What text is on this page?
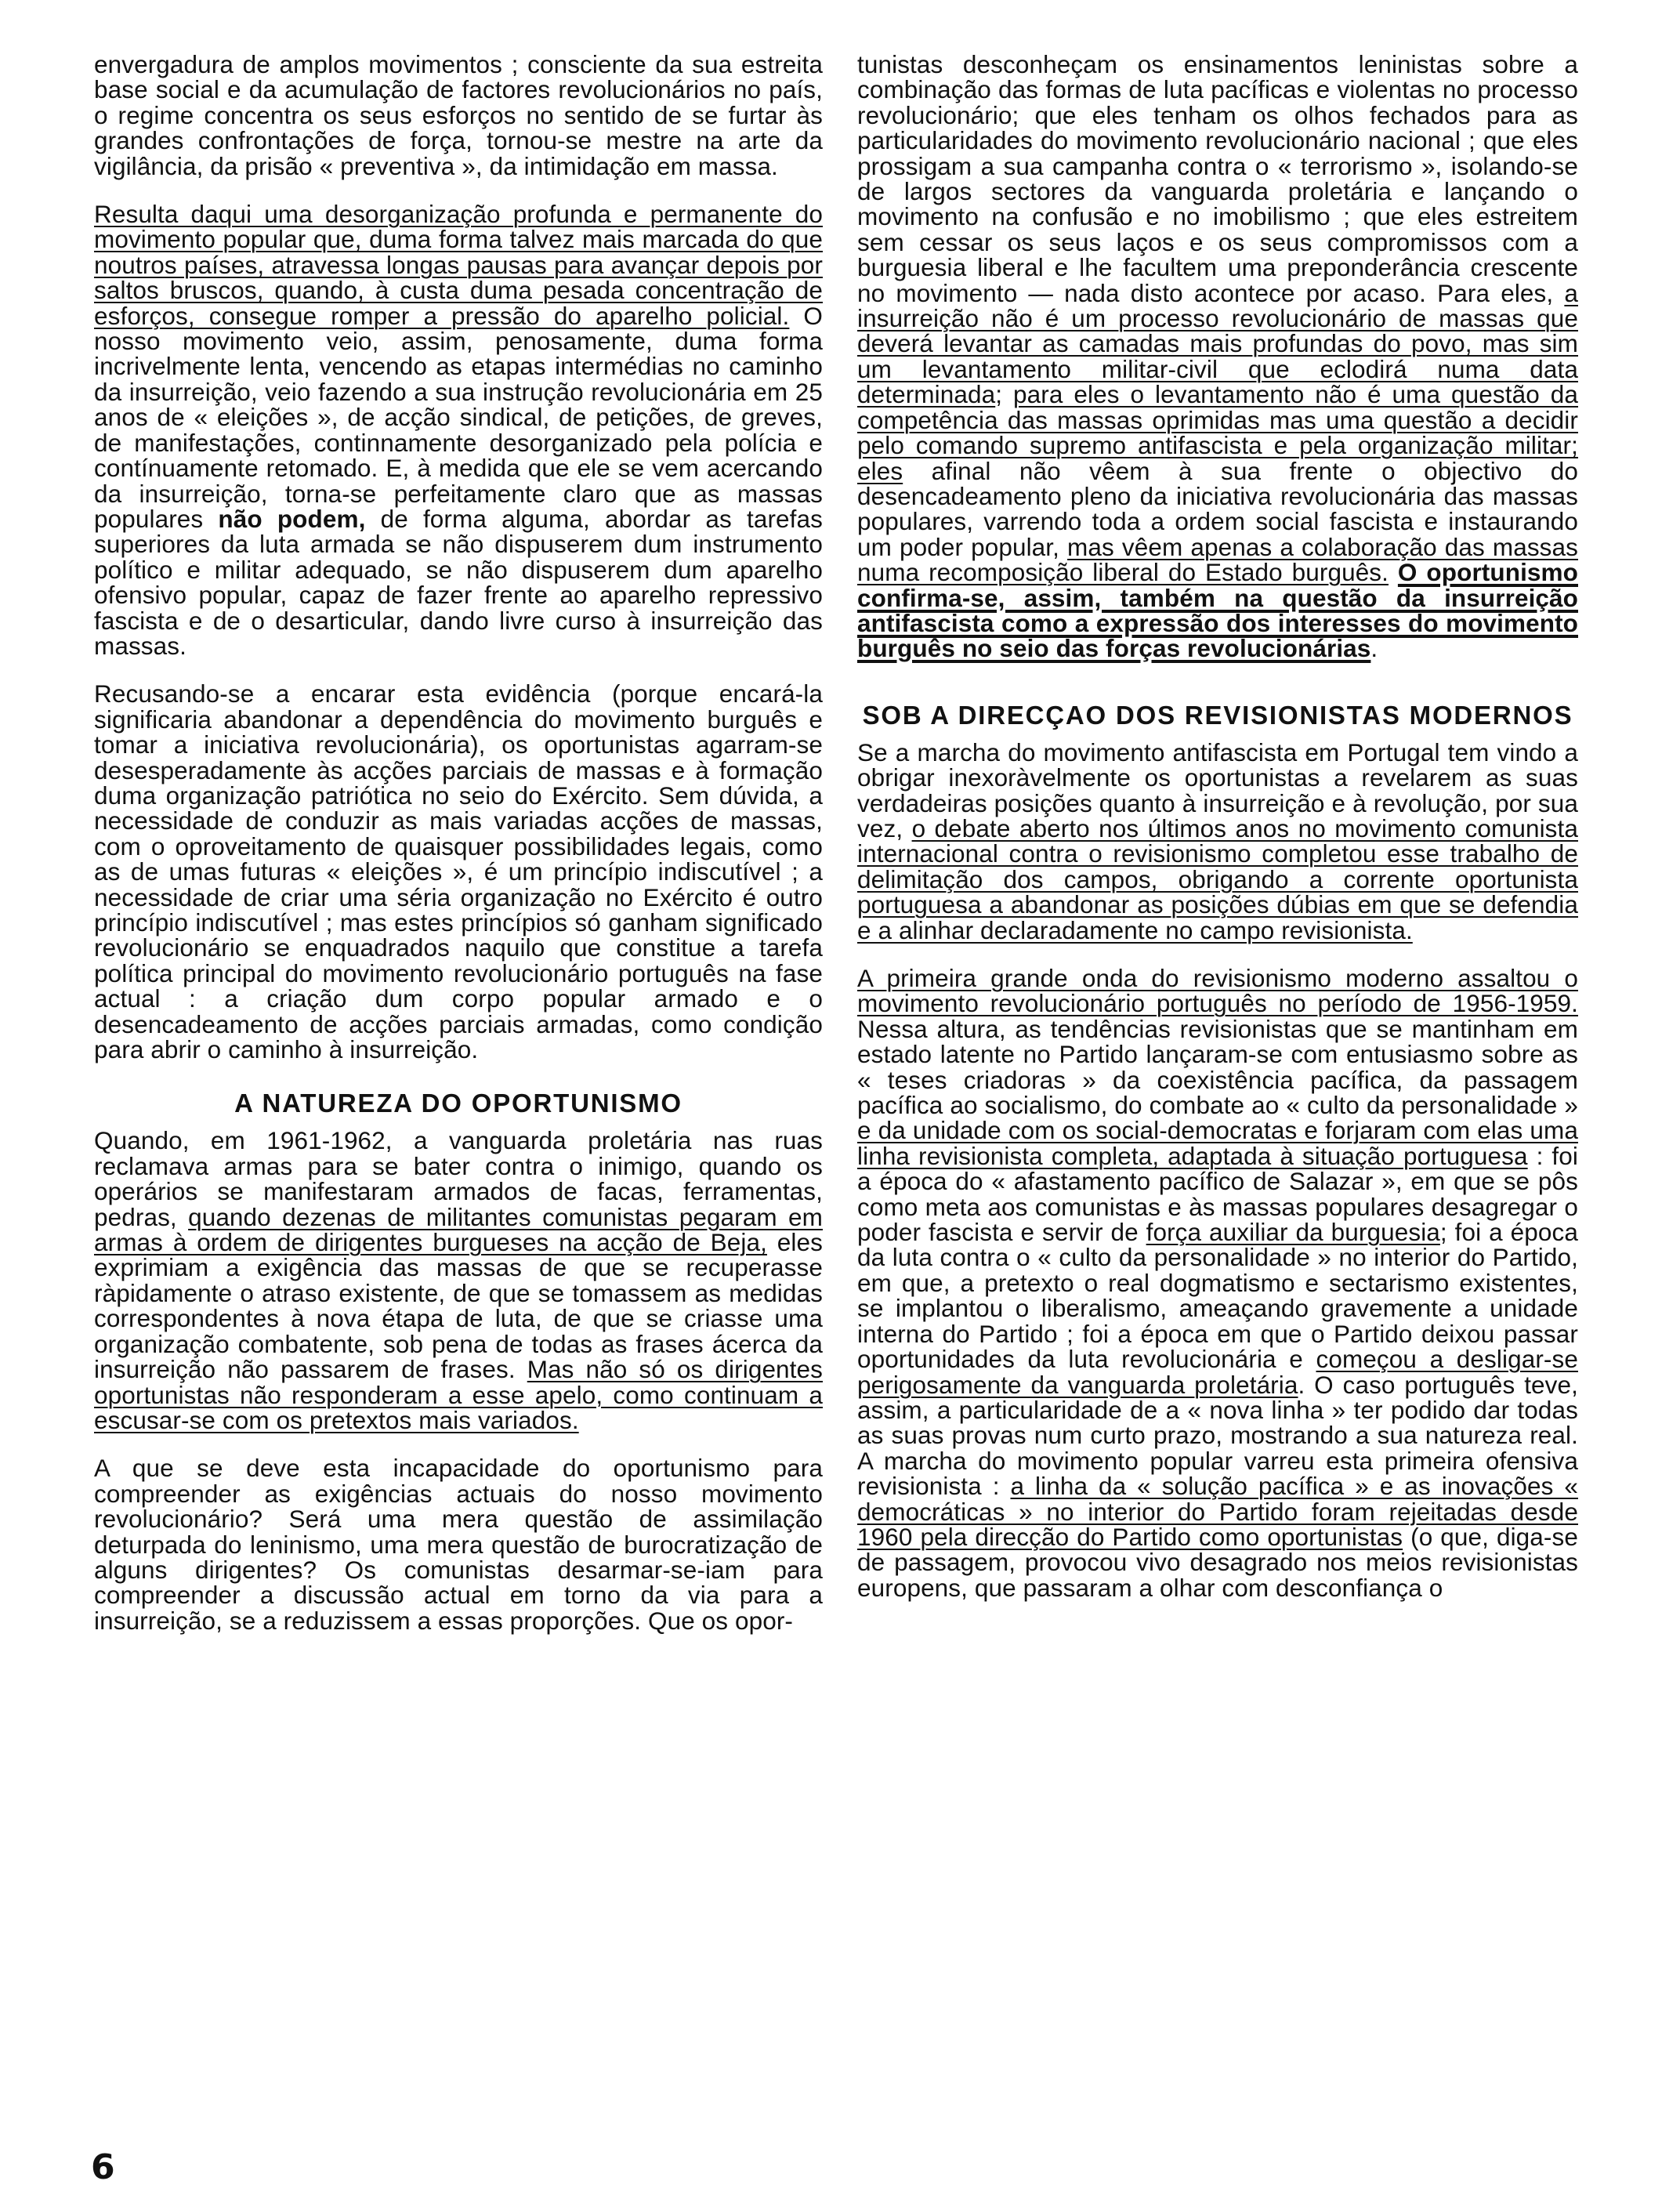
envergadura de amplos movimentos ; consciente da sua estreita base social e da acumulação de factores revolucionários no país, o regime concentra os seus esforços no sentido de se furtar às grandes confrontações de força, tornou-se mestre na arte da vigilância, da prisão « preventiva », da intimidação em massa.

Resulta daqui uma desorganização profunda e permanente do movimento popular que, duma forma talvez mais marcada do que noutros países, atravessa longas pausas para avançar depois por saltos bruscos, quando, à custa duma pesada concentração de esforços, consegue romper a pressão do aparelho policial. O nosso movimento veio, assim, penosamente, duma forma incrivelmente lenta, vencendo as etapas intermédias no caminho da insurreição, veio fazendo a sua instrução revolucionária em 25 anos de « eleições », de acção sindical, de petições, de greves, de manifestações, continnamente desorganizado pela polícia e contínuamente retomado. E, à medida que ele se vem acercando da insurreição, torna-se perfeitamente claro que as massas populares não podem, de forma alguma, abordar as tarefas superiores da luta armada se não dispuserem dum instrumento político e militar adequado, se não dispuserem dum aparelho ofensivo popular, capaz de fazer frente ao aparelho repressivo fascista e de o desarticular, dando livre curso à insurreição das massas.

Recusando-se a encarar esta evidência (porque encará-la significaria abandonar a dependência do movimento burguês e tomar a iniciativa revolucionária), os oportunistas agarram-se desesperadamente às acções parciais de massas e à formação duma organização patriótica no seio do Exército. Sem dúvida, a necessidade de conduzir as mais variadas acções de massas, com o oproveitamento de quaisquer possibilidades legais, como as de umas futuras « eleições », é um princípio indiscutível ; a necessidade de criar uma séria organização no Exército é outro princípio indiscutível ; mas estes princípios só ganham significado revolucionário se enquadrados naquilo que constitue a tarefa política principal do movimento revolucionário português na fase actual : a criação dum corpo popular armado e o desencadeamento de acções parciais armadas, como condição para abrir o caminho à insurreição.

A NATUREZA DO OPORTUNISMO

Quando, em 1961-1962, a vanguarda proletária nas ruas reclamava armas para se bater contra o inimigo, quando os operários se manifestaram armados de facas, ferramentas, pedras, quando dezenas de militantes comunistas pegaram em armas à ordem de dirigentes burgueses na acção de Beja, eles exprimiam a exigência das massas de que se recuperasse ràpidamente o atraso existente, de que se tomassem as medidas correspondentes à nova étapa de luta, de que se criasse uma organização combatente, sob pena de todas as frases ácerca da insurreição não passarem de frases. Mas não só os dirigentes oportunistas não responderam a esse apelo, como continuam a escusar-se com os pretextos mais variados.

A que se deve esta incapacidade do oportunismo para compreender as exigências actuais do nosso movimento revolucionário? Será uma mera questão de assimilação deturpada do leninismo, uma mera questão de burocratização de alguns dirigentes? Os comunistas desarmar-se-iam para compreender a discussão actual em torno da via para a insurreição, se a reduzissem a essas proporções. Que os opor-

tunistas desconheçam os ensinamentos leninistas sobre a combinação das formas de luta pacíficas e violentas no processo revolucionário; que eles tenham os olhos fechados para as particularidades do movimento revolucionário nacional ; que eles prossigam a sua campanha contra o « terrorismo », isolando-se de largos sectores da vanguarda proletária e lançando o movimento na confusão e no imobilismo ; que eles estreitem sem cessar os seus laços e os seus compromissos com a burguesia liberal e lhe facultem uma preponderância crescente no movimento — nada disto acontece por acaso. Para eles, a insurreição não é um processo revolucionário de massas que deverá levantar as camadas mais profundas do povo, mas sim um levantamento militar-civil que eclodirá numa data determinada; para eles o levantamento não é uma questão da competência das massas oprimidas mas uma questão a decidir pelo comando supremo antifascista e pela organização militar; eles afinal não vêem à sua frente o objectivo do desencadeamento pleno da iniciativa revolucionária das massas populares, varrendo toda a ordem social fascista e instaurando um poder popular, mas vêem apenas a colaboração das massas numa recomposição liberal do Estado burguês. O oportunismo confirma-se, assim, também na questão da insurreição antifascista como a expressão dos interesses do movimento burguês no seio das forças revolucionárias.

SOB A DIRECÇAO DOS REVISIONISTAS MODERNOS

Se a marcha do movimento antifascista em Portugal tem vindo a obrigar inexoràvelmente os oportunistas a revelarem as suas verdadeiras posições quanto à insurreição e à revolução, por sua vez, o debate aberto nos últimos anos no movimento comunista internacional contra o revisionismo completou esse trabalho de delimitação dos campos, obrigando a corrente oportunista portuguesa a abandonar as posições dúbias em que se defendia e a alinhar declaradamente no campo revisionista.

A primeira grande onda do revisionismo moderno assaltou o movimento revolucionário português no período de 1956-1959. Nessa altura, as tendências revisionistas que se mantinham em estado latente no Partido lançaram-se com entusiasmo sobre as « teses criadoras » da coexistência pacífica, da passagem pacífica ao socialismo, do combate ao « culto da personalidade » e da unidade com os social-democratas e forjaram com elas uma linha revisionista completa, adaptada à situação portuguesa : foi a época do « afastamento pacífico de Salazar », em que se pôs como meta aos comunistas e às massas populares desagregar o poder fascista e servir de força auxiliar da burguesia; foi a época da luta contra o « culto da personalidade » no interior do Partido, em que, a pretexto o real dogmatismo e sectarismo existentes, se implantou o liberalismo, ameaçando gravemente a unidade interna do Partido ; foi a época em que o Partido deixou passar oportunidades da luta revolucionária e começou a desligar-se perigosamente da vanguarda proletária. O caso português teve, assim, a particularidade de a « nova linha » ter podido dar todas as suas provas num curto prazo, mostrando a sua natureza real. A marcha do movimento popular varreu esta primeira ofensiva revisionista : a linha da « solução pacífica » e as inovações « democráticas » no interior do Partido foram rejeitadas desde 1960 pela direcção do Partido como oportunistas (o que, diga-se de passagem, provocou vivo desagrado nos meios revisionistas europens, que passaram a olhar com desconfiança o

6
